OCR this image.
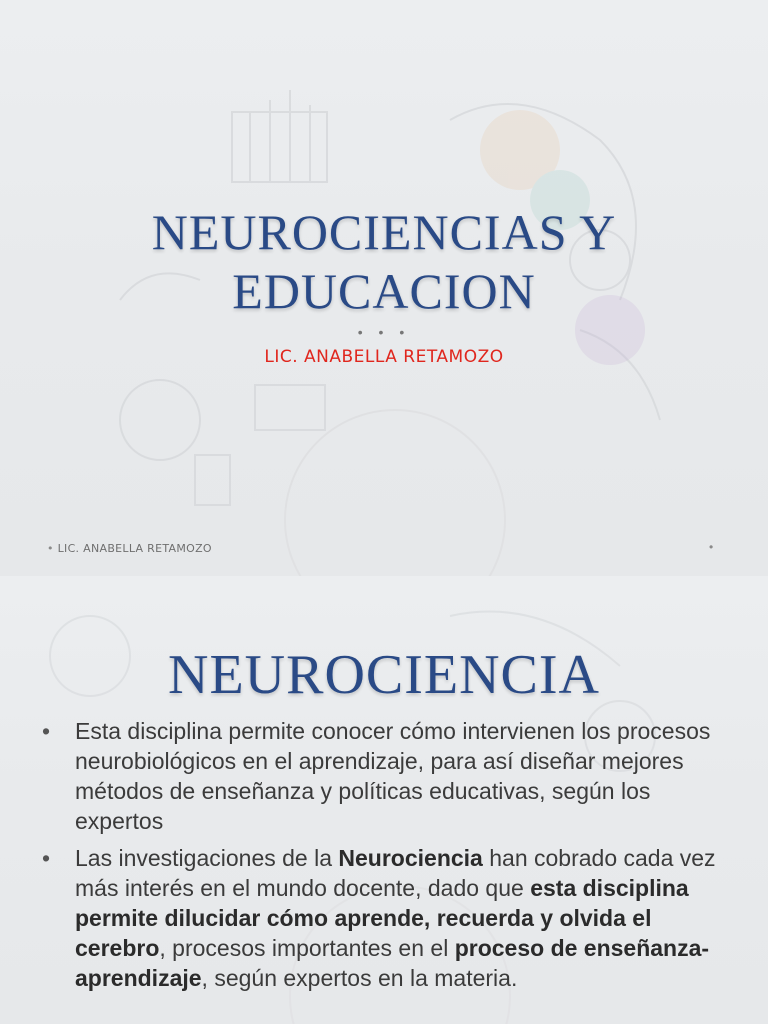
NEUROCIENCIAS Y
EDUCACION
• • •
LIC. ANABELLA RETAMOZO
• LIC. ANABELLA RETAMOZO	•
NEUROCIENCIA
• Esta disciplina permite conocer cómo intervienen los procesos neurobiológicos en el aprendizaje, para así diseñar mejores métodos de enseñanza y políticas educativas, según los expertos
• Las investigaciones de la Neurociencia han cobrado cada vez más interés en el mundo docente, dado que esta disciplina permite dilucidar cómo aprende, recuerda y olvida el cerebro, procesos importantes en el proceso de enseñanza- aprendizaje, según expertos en la materia.
